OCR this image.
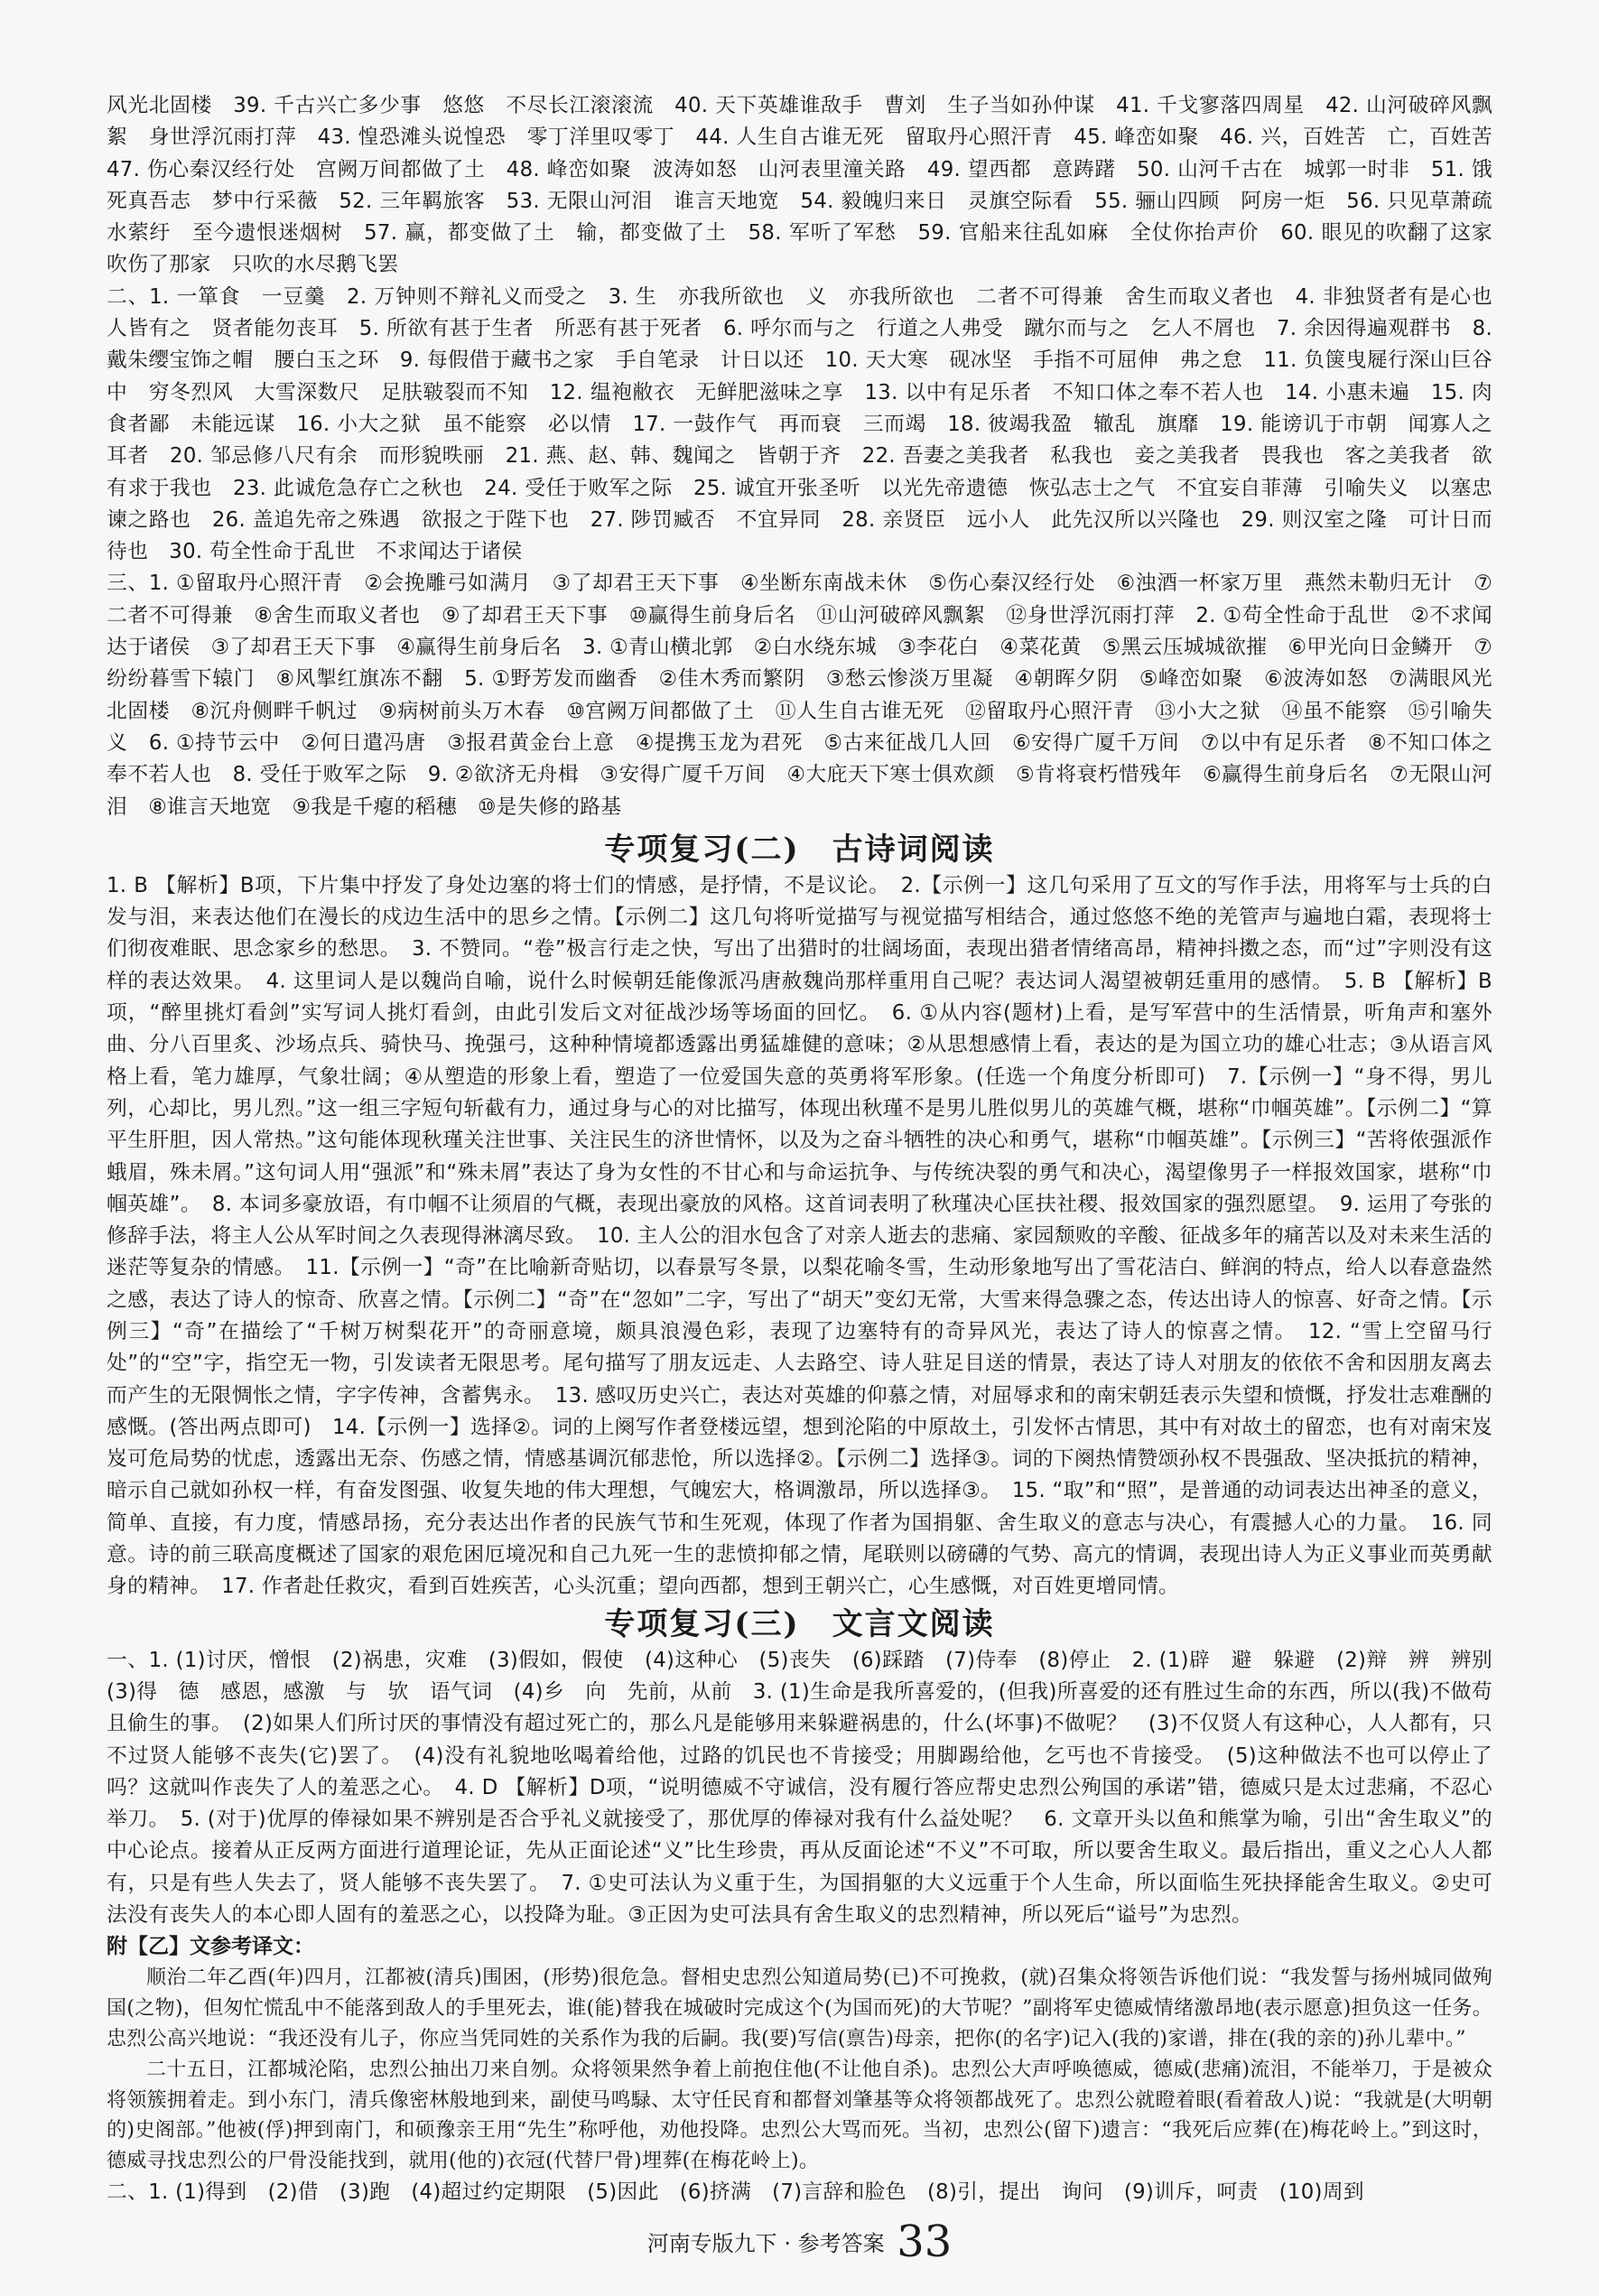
风光北固楼　39. 千古兴亡多少事　悠悠　不尽长江滚滚流　40. 天下英雄谁敌手　曹刘　生子当如孙仲谋　41. 千戈寥落四周星　42. 山河破碎风飘絮　身世浮沉雨打萍　43. 惶恐滩头说惶恐　零丁洋里叹零丁　44. 人生自古谁无死　留取丹心照汗青　45. 峰峦如聚　46. 兴，百姓苦　亡，百姓苦　47. 伤心秦汉经行处　宫阙万间都做了土　48. 峰峦如聚　波涛如怒　山河表里潼关路　49. 望西都　意踌躇　50. 山河千古在　城郭一时非　51. 饿死真吾志　梦中行采薇　52. 三年羁旅客　53. 无限山河泪　谁言天地宽　54. 毅魄归来日　灵旗空际看　55. 骊山四顾　阿房一炬　56. 只见草萧疏　水萦纡　至今遗恨迷烟树　57. 赢，都变做了土　输，都变做了土　58. 军听了军愁　59. 官船来往乱如麻　全仗你抬声价　60. 眼见的吹翻了这家　吹伤了那家　只吹的水尽鹅飞罢

二、1. 一箪食　一豆羹　2. 万钟则不辩礼义而受之　3. 生　亦我所欲也　义　亦我所欲也　二者不可得兼　舍生而取义者也　4. 非独贤者有是心也　人皆有之　贤者能勿丧耳　5. 所欲有甚于生者　所恶有甚于死者　6. 呼尔而与之　行道之人弗受　蹴尔而与之　乞人不屑也　7. 余因得遍观群书　8. 戴朱缨宝饰之帽　腰白玉之环　9. 每假借于藏书之家　手自笔录　计日以还　10. 天大寒　砚冰坚　手指不可屈伸　弗之怠　11. 负箧曳屣行深山巨谷中　穷冬烈风　大雪深数尺　足肤皲裂而不知　12. 缊袍敝衣　无鲜肥滋味之享　13. 以中有足乐者　不知口体之奉不若人也　14. 小惠未遍　15. 肉食者鄙　未能远谋　16. 小大之狱　虽不能察　必以情　17. 一鼓作气　再而衰　三而竭　18. 彼竭我盈　辙乱　旗靡　19. 能谤讥于市朝　闻寡人之耳者　20. 邹忌修八尺有余　而形貌昳丽　21. 燕、赵、韩、魏闻之　皆朝于齐　22. 吾妻之美我者　私我也　妾之美我者　畏我也　客之美我者　欲有求于我也　23. 此诚危急存亡之秋也　24. 受任于败军之际　25. 诚宜开张圣听　以光先帝遗德　恢弘志士之气　不宜妄自菲薄　引喻失义　以塞忠谏之路也　26. 盖追先帝之殊遇　欲报之于陛下也　27. 陟罚臧否　不宜异同　28. 亲贤臣　远小人　此先汉所以兴隆也　29. 则汉室之隆　可计日而待也　30. 苟全性命于乱世　不求闻达于诸侯

三、1. ①留取丹心照汗青　②会挽雕弓如满月　③了却君王天下事　④坐断东南战未休　⑤伤心秦汉经行处　⑥浊酒一杯家万里　燕然未勒归无计　⑦二者不可得兼　⑧舍生而取义者也　⑨了却君王天下事　⑩赢得生前身后名　⑪山河破碎风飘絮　⑫身世浮沉雨打萍　2. ①苟全性命于乱世　②不求闻达于诸侯　③了却君王天下事　④赢得生前身后名　3. ①青山横北郭　②白水绕东城　③李花白　④菜花黄　⑤黑云压城城欲摧　⑥甲光向日金鳞开　⑦纷纷暮雪下辕门　⑧风掣红旗冻不翻　5. ①野芳发而幽香　②佳木秀而繁阴　③愁云惨淡万里凝　④朝晖夕阴　⑤峰峦如聚　⑥波涛如怒　⑦满眼风光北固楼　⑧沉舟侧畔千帆过　⑨病树前头万木春　⑩宫阙万间都做了土　⑪人生自古谁无死　⑫留取丹心照汗青　⑬小大之狱　⑭虽不能察　⑮引喻失义　6. ①持节云中　②何日遣冯唐　③报君黄金台上意　④提携玉龙为君死　⑤古来征战几人回　⑥安得广厦千万间　⑦以中有足乐者　⑧不知口体之奉不若人也　8. 受任于败军之际　9. ②欲济无舟楫　③安得广厦千万间　④大庇天下寒士俱欢颜　⑤肯将衰朽惜残年　⑥赢得生前身后名　⑦无限山河泪　⑧谁言天地宽　⑨我是千瘪的稻穗　⑩是失修的路基

专项复习(二)　古诗词阅读

1. B 【解析】B项，下片集中抒发了身处边塞的将士们的情感，是抒情，不是议论。　2.【示例一】这几句采用了互文的写作手法，用将军与士兵的白发与泪，来表达他们在漫长的戍边生活中的思乡之情。【示例二】这几句将听觉描写与视觉描写相结合，通过悠悠不绝的羌管声与遍地白霜，表现将士们彻夜难眠、思念家乡的愁思。　3. 不赞同。“卷”极言行走之快，写出了出猎时的壮阔场面，表现出猎者情绪高昂，精神抖擞之态，而“过”字则没有这样的表达效果。　4. 这里词人是以魏尚自喻，说什么时候朝廷能像派冯唐赦魏尚那样重用自己呢？表达词人渴望被朝廷重用的感情。　5. B 【解析】B项，“醉里挑灯看剑”实写词人挑灯看剑，由此引发后文对征战沙场等场面的回忆。　6. ①从内容(题材)上看，是写军营中的生活情景，听角声和塞外曲、分八百里炙、沙场点兵、骑快马、挽强弓，这种种情境都透露出勇猛雄健的意味；②从思想感情上看，表达的是为国立功的雄心壮志；③从语言风格上看，笔力雄厚，气象壮阔；④从塑造的形象上看，塑造了一位爱国失意的英勇将军形象。(任选一个角度分析即可)　7.【示例一】“身不得，男儿列，心却比，男儿烈。”这一组三字短句斩截有力，通过身与心的对比描写，体现出秋瑾不是男儿胜似男儿的英雄气概，堪称“巾帼英雄”。【示例二】“算平生肝胆，因人常热。”这句能体现秋瑾关注世事、关注民生的济世情怀，以及为之奋斗牺牲的决心和勇气，堪称“巾帼英雄”。【示例三】“苦将侬强派作蛾眉，殊未屑。”这句词人用“强派”和“殊未屑”表达了身为女性的不甘心和与命运抗争、与传统决裂的勇气和决心，渴望像男子一样报效国家，堪称“巾帼英雄”。　8. 本词多豪放语，有巾帼不让须眉的气概，表现出豪放的风格。这首词表明了秋瑾决心匡扶社稷、报效国家的强烈愿望。　9. 运用了夸张的修辞手法，将主人公从军时间之久表现得淋漓尽致。　10. 主人公的泪水包含了对亲人逝去的悲痛、家园颓败的辛酸、征战多年的痛苦以及对未来生活的迷茫等复杂的情感。　11.【示例一】“奇”在比喻新奇贴切，以春景写冬景，以梨花喻冬雪，生动形象地写出了雪花洁白、鲜润的特点，给人以春意盎然之感，表达了诗人的惊奇、欣喜之情。【示例二】“奇”在“忽如”二字，写出了“胡天”变幻无常，大雪来得急骤之态，传达出诗人的惊喜、好奇之情。【示例三】“奇”在描绘了“千树万树梨花开”的奇丽意境，颇具浪漫色彩，表现了边塞特有的奇异风光，表达了诗人的惊喜之情。　12. “雪上空留马行处”的“空”字，指空无一物，引发读者无限思考。尾句描写了朋友远走、人去路空、诗人驻足目送的情景，表达了诗人对朋友的依依不舍和因朋友离去而产生的无限惆怅之情，字字传神，含蓄隽永。　13. 感叹历史兴亡，表达对英雄的仰慕之情，对屈辱求和的南宋朝廷表示失望和愤慨，抒发壮志难酬的感慨。(答出两点即可)　14.【示例一】选择②。词的上阕写作者登楼远望，想到沦陷的中原故土，引发怀古情思，其中有对故土的留恋，也有对南宋岌岌可危局势的忧虑，透露出无奈、伤感之情，情感基调沉郁悲怆，所以选择②。【示例二】选择③。词的下阕热情赞颂孙权不畏强敌、坚决抵抗的精神，暗示自己就如孙权一样，有奋发图强、收复失地的伟大理想，气魄宏大，格调激昂，所以选择③。　15. “取”和“照”，是普通的动词表达出神圣的意义，简单、直接，有力度，情感昂扬，充分表达出作者的民族气节和生死观，体现了作者为国捐躯、舍生取义的意志与决心，有震撼人心的力量。　16. 同意。诗的前三联高度概述了国家的艰危困厄境况和自己九死一生的悲愤抑郁之情，尾联则以磅礴的气势、高亢的情调，表现出诗人为正义事业而英勇献身的精神。　17. 作者赴任救灾，看到百姓疾苦，心头沉重；望向西都，想到王朝兴亡，心生感慨，对百姓更增同情。

专项复习(三)　文言文阅读

一、1. (1)讨厌，憎恨　(2)祸患，灾难　(3)假如，假使　(4)这种心　(5)丧失　(6)踩踏　(7)侍奉　(8)停止　2. (1)辟　避　躲避　(2)辩　辨　辨别　(3)得　德　感恩，感激　与　欤　语气词　(4)乡　向　先前，从前　3. (1)生命是我所喜爱的，(但我)所喜爱的还有胜过生命的东西，所以(我)不做苟且偷生的事。　(2)如果人们所讨厌的事情没有超过死亡的，那么凡是能够用来躲避祸患的，什么(坏事)不做呢？　(3)不仅贤人有这种心，人人都有，只不过贤人能够不丧失(它)罢了。　(4)没有礼貌地吆喝着给他，过路的饥民也不肯接受；用脚踢给他，乞丐也不肯接受。　(5)这种做法不也可以停止了吗？这就叫作丧失了人的羞恶之心。　4. D 【解析】D项，“说明德威不守诚信，没有履行答应帮史忠烈公殉国的承诺”错，德威只是太过悲痛，不忍心举刀。　5. (对于)优厚的俸禄如果不辨别是否合乎礼义就接受了，那优厚的俸禄对我有什么益处呢？　6. 文章开头以鱼和熊掌为喻，引出“舍生取义”的中心论点。接着从正反两方面进行道理论证，先从正面论述“义”比生珍贵，再从反面论述“不义”不可取，所以要舍生取义。最后指出，重义之心人人都有，只是有些人失去了，贤人能够不丧失罢了。　7. ①史可法认为义重于生，为国捐躯的大义远重于个人生命，所以面临生死抉择能舍生取义。②史可法没有丧失人的本心即人固有的羞恶之心，以投降为耻。③正因为史可法具有舍生取义的忠烈精神，所以死后“谥号”为忠烈。

附【乙】文参考译文：

顺治二年乙酉(年)四月，江都被(清兵)围困，(形势)很危急。督相史忠烈公知道局势(已)不可挽救，(就)召集众将领告诉他们说：“我发誓与扬州城同做殉国(之物)，但匆忙慌乱中不能落到敌人的手里死去，谁(能)替我在城破时完成这个(为国而死)的大节呢？”副将军史德威情绪激昂地(表示愿意)担负这一任务。忠烈公高兴地说：“我还没有儿子，你应当凭同姓的关系作为我的后嗣。我(要)写信(禀告)母亲，把你(的名字)记入(我的)家谱，排在(我的亲的)孙儿辈中。”

二十五日，江都城沦陷，忠烈公抽出刀来自刎。众将领果然争着上前抱住他(不让他自杀)。忠烈公大声呼唤德威，德威(悲痛)流泪，不能举刀，于是被众将领簇拥着走。到小东门，清兵像密林般地到来，副使马鸣騄、太守任民育和都督刘肇基等众将领都战死了。忠烈公就瞪着眼(看着敌人)说：“我就是(大明朝的)史阁部。”他被(俘)押到南门，和硕豫亲王用“先生”称呼他，劝他投降。忠烈公大骂而死。当初，忠烈公(留下)遗言：“我死后应葬(在)梅花岭上。”到这时，德威寻找忠烈公的尸骨没能找到，就用(他的)衣冠(代替尸骨)埋葬(在梅花岭上)。

二、1. (1)得到　(2)借　(3)跑　(4)超过约定期限　(5)因此　(6)挤满　(7)言辞和脸色　(8)引，提出　询问　(9)训斥，呵责　(10)周到

河南专版九下 · 参考答案 33
